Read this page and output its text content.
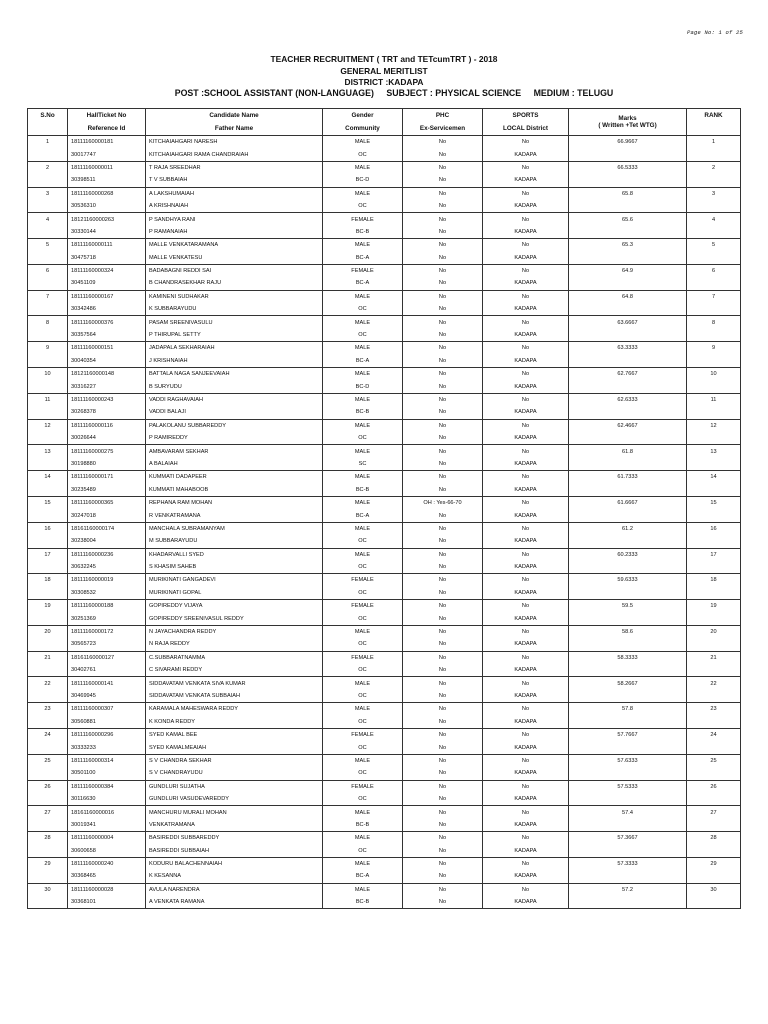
Page No: 1 of 25
TEACHER RECRUITMENT ( TRT and TETcumTRT ) - 2018
GENERAL MERITLIST
DISTRICT :KADAPA
POST :SCHOOL ASSISTANT (NON-LANGUAGE) SUBJECT : PHYSICAL SCIENCE MEDIUM : TELUGU
S.No	HallTicket No	Candidate Name	Gender	PHC	SPORTS	Marks
( Written +Tet WTG)	RANK
	Reference Id	Father Name	Community	Ex-Servicemen	LOCAL District		
1	18111160000181	KITCHAIAHGARI NARESH	MALE	No	No	66.9667	1
	30017747	KITCHAIAHGARI RAMA CHANDRAIAH	OC	No	KADAPA		
2	18111160000011	T RAJA SREEDHAR	MALE	No	No	66.5333	2
	30398511	T V SUBBAIAH	BC-D	No	KADAPA		
3	18111160000268	A LAKSHUMAIAH	MALE	No	No	65.8	3
	30536310	A KRISHNAIAH	OC	No	KADAPA		
4	18121160000263	P SANDHYA RANI	FEMALE	No	No	65.6	4
	30330144	P RAMANAIAH	BC-B	No	KADAPA		
5	18111160000111	MALLE VENKATARAMANA	MALE	No	No	65.3	5
	30475718	MALLE VENKATESU	BC-A	No	KADAPA		
6	18111160000324	BADABAGNI REDDI SAI	FEMALE	No	No	64.9	6
	30451109	B CHANDRASEKHAR RAJU	BC-A	No	KADAPA		
7	18111160000167	KAMINENI SUDHAKAR	MALE	No	No	64.8	7
	30342486	K SUBBARAYUDU	OC	No	KADAPA		
8	18111160000376	PASAM SREENIVASULU	MALE	No	No	63.6667	8
	30357564	P THIRUPAL SETTY	OC	No	KADAPA		
9	18111160000151	JADAPALA SEKHARAIAH	MALE	No	No	63.3333	9
	30040354	J KRISHNAIAH	BC-A	No	KADAPA		
10	18121160000148	BATTALA NAGA SANJEEVAIAH	MALE	No	No	62.7667	10
	30316227	B SURYUDU	BC-D	No	KADAPA		
11	18111160000243	VADDI RAGHAVAIAH	MALE	No	No	62.6333	11
	30268378	VADDI BALAJI	BC-B	No	KADAPA		
12	18111160000116	PALAKOLANU SUBBAREDDY	MALE	No	No	62.4667	12
	30026644	P RAMIREDDY	OC	No	KADAPA		
13	18111160000275	AMBAVARAM SEKHAR	MALE	No	No	61.8	13
	30198880	A BALAIAH	SC	No	KADAPA		
14	18111160000171	KUMMATI DADAPEER	MALE	No	No	61.7333	14
	30235489	KUMMATI MAHABOOB	BC-B	No	KADAPA		
15	18111160000365	REPHANA RAM MOHAN	MALE	OH : Yes-66-70	No	61.6667	15
	30247018	R VENKATRAMANA	BC-A	No	KADAPA		
16	18161160000174	MANCHALA SUBRAMANYAM	MALE	No	No	61.2	16
	30238004	M SUBBARAYUDU	OC	No	KADAPA		
17	18111160000236	KHADARVALLI SYED	MALE	No	No	60.2333	17
	30632245	S KHASIM SAHEB	OC	No	KADAPA		
18	18111160000019	MURIKINATI GANGADEVI	FEMALE	No	No	59.6333	18
	30308532	MURIKINATI GOPAL	OC	No	KADAPA		
19	18111160000188	GOPIREDDY VIJAYA	FEMALE	No	No	59.5	19
	30251369	GOPIREDDY SREENIVASUL REDDY	OC	No	KADAPA		
20	18111160000172	N JAYACHANDRA REDDY	MALE	No	No	58.6	20
	30565723	N RAJA REDDY	OC	No	KADAPA		
21	18161160000127	C.SUBBARATNAMMA	FEMALE	No	No	58.3333	21
	30402761	C SIVARAMI REDDY	OC	No	KADAPA		
22	18111160000141	SIDDAVATAM VENKATA SIVA KUMAR	MALE	No	No	58.2667	22
	30469945	SIDDAVATAM VENKATA SUBBAIAH	OC	No	KADAPA		
23	18111160000307	KARAMALA MAHESWARA REDDY	MALE	No	No	57.8	23
	30560881	K KONDA REDDY	OC	No	KADAPA		
24	18111160000296	SYED KAMAL BEE	FEMALE	No	No	57.7667	24
	30333233	SYED KAMALMEAIAH	OC	No	KADAPA		
25	18111160000314	S V CHANDRA SEKHAR	MALE	No	No	57.6333	25
	30501100	S V CHANDRAYUDU	OC	No	KADAPA		
26	18111160000384	GUNDLURI SUJATHA	FEMALE	No	No	57.5333	26
	30116630	GUNDLURI VASUDEVAREDDY	OC	No	KADAPA		
27	18161160000016	MANCHURU MURALI MOHAN	MALE	No	No	57.4	27
	30019341	VENKATRAMANA	BC-B	No	KADAPA		
28	18111160000004	BASIREDDI SUBBAREDDY	MALE	No	No	57.3667	28
	30600658	BASIREDDI SUBBAIAH	OC	No	KADAPA		
29	18111160000240	KODURU BALACHENNAIAH	MALE	No	No	57.3333	29
	30368465	K KESANNA	BC-A	No	KADAPA		
30	18111160000028	AVULA NARENDRA	MALE	No	No	57.2	30
	30368101	A VENKATA RAMANA	BC-B	No	KADAPA		
